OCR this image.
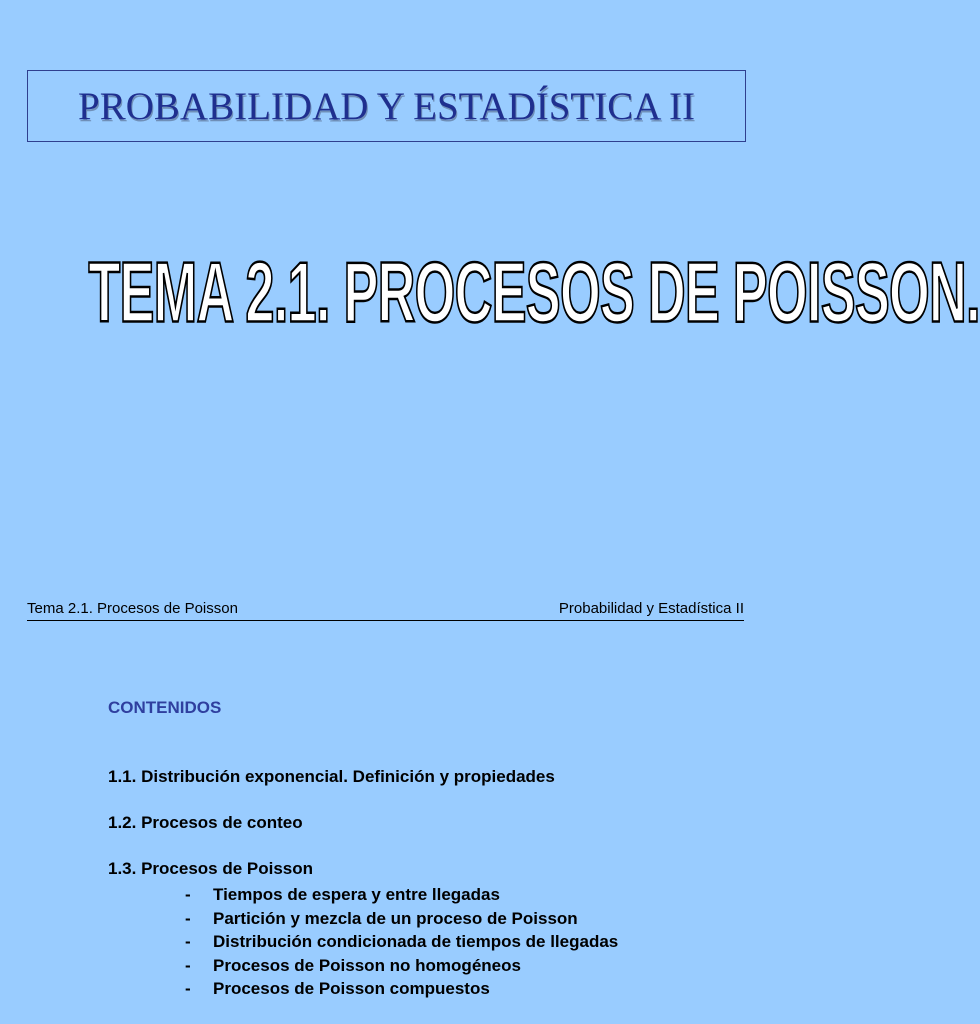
PROBABILIDAD Y ESTADÍSTICA II
TEMA 2.1. PROCESOS DE POISSON.
Tema 2.1. Procesos de Poisson	Probabilidad y Estadística II
CONTENIDOS
1.1. Distribución exponencial. Definición y propiedades
1.2. Procesos de conteo
1.3. Procesos de Poisson
-	Tiempos de espera y entre llegadas
-	Partición y mezcla de un proceso de Poisson
-	Distribución condicionada de tiempos de llegadas
-	Procesos de Poisson no homogéneos
-	Procesos de Poisson compuestos
